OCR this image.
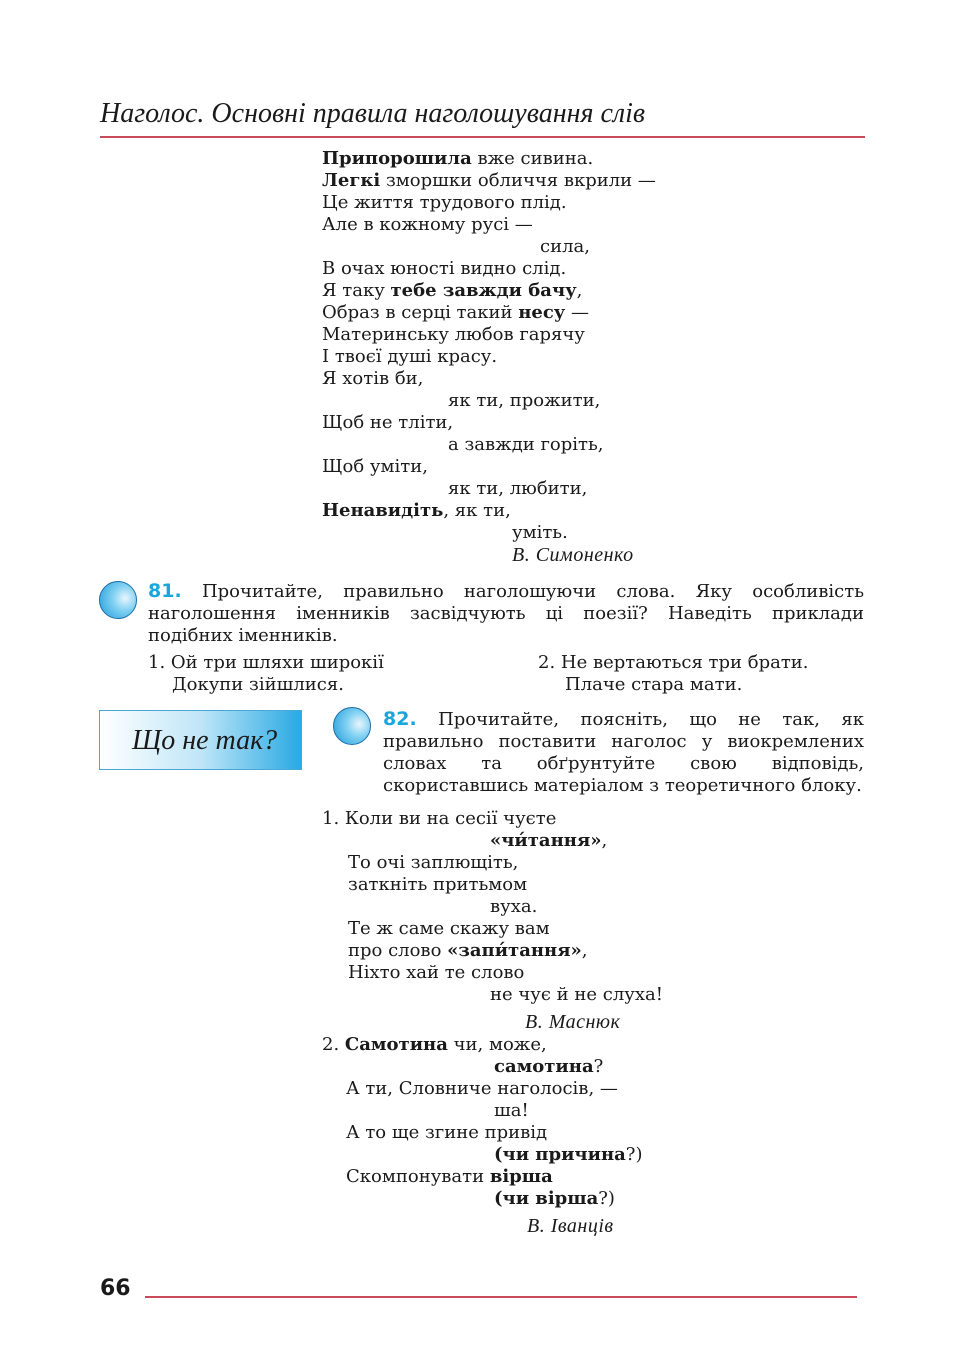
Наголос. Основні правила наголошування слів
Припорошила вже сивина.
Легкі зморшки обличчя вкрили —
Це життя трудового плід.
Але в кожному русі —
сила,
В очах юності видно слід.
Я таку тебе завжди бачу,
Образ в серці такий несу —
Материнську любов гарячу
І твоєї душі красу.
Я хотів би,
як ти, прожити,
Щоб не тліти,
а завжди горіть,
Щоб уміти,
як ти, любити,
Ненавидіть, як ти,
уміть.
В. Симоненко
81. Прочитайте, правильно наголошуючи слова. Яку особливість наголошення іменників засвідчують ці поезії? Наведіть приклади подібних іменників.
1. Ой три шляхи широкії
Докупи зійшлися.
2. Не вертаються три брати.
Плаче стара мати.
Що не так?
82. Прочитайте, поясніть, що не так, як правильно поставити наголос у виокремлених словах та обґрунтуйте свою відповідь, скориставшись матеріалом з теоретичного блоку.
1. Коли ви на сесії чуєте
«чи́тання»,
То очі заплющіть,
заткніть притьмом
вуха.
Те ж саме скажу вам
про слово «запи́тання»,
Ніхто хай те слово
не чує й не слуха!
В. Маснюк
2. Самотина чи, може,
самотина?
А ти, Словниче наголосів, —
ша!
А то ще згине привід
(чи причина?)
Скомпонувати вірша
(чи вірша?)
В. Іванців
66
